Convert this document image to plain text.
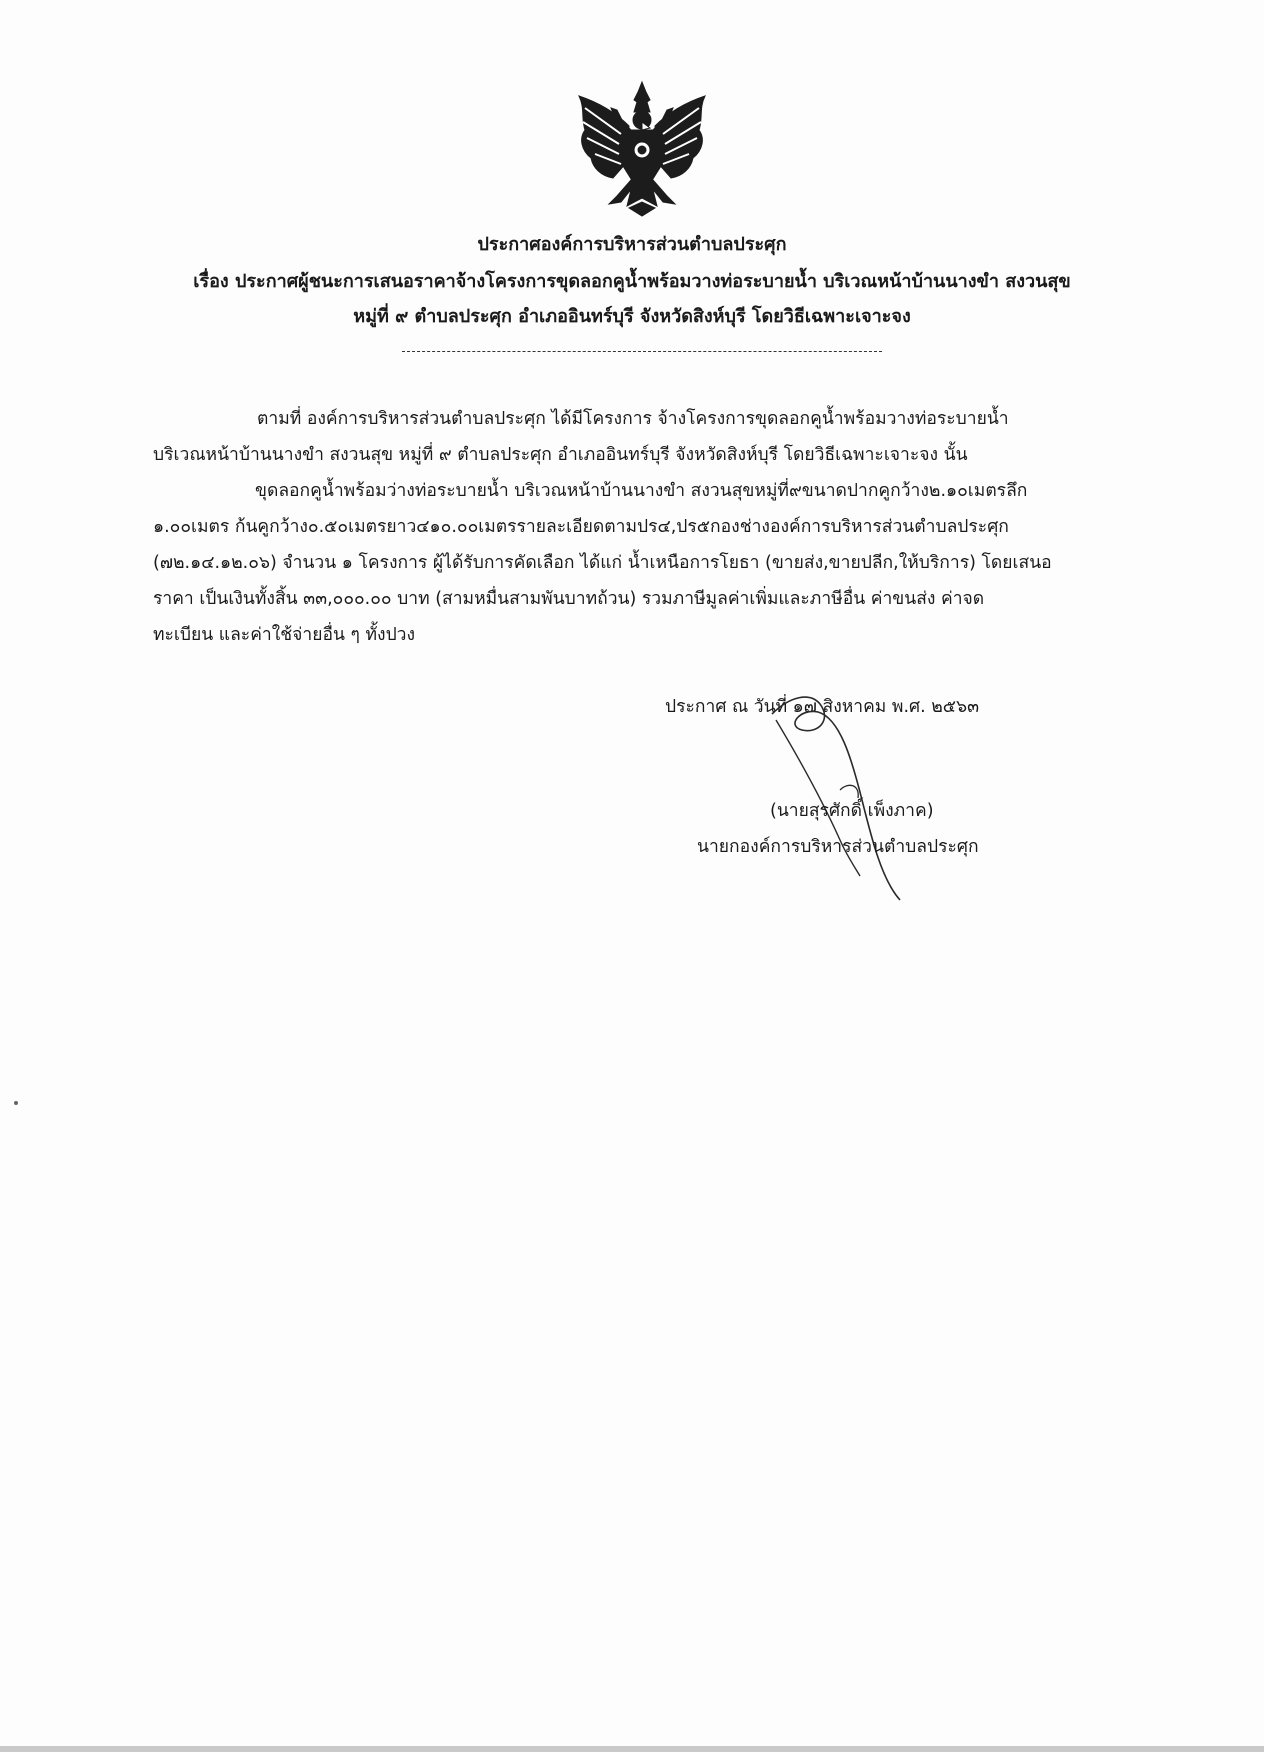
ประกาศองค์การบริหารส่วนตำบลประศุก
เรื่อง ประกาศผู้ชนะการเสนอราคาจ้างโครงการขุดลอกคูน้ำพร้อมวางท่อระบายน้ำ บริเวณหน้าบ้านนางขำ สงวนสุข
หมู่ที่ ๙ ตำบลประศุก อำเภออินทร์บุรี จังหวัดสิงห์บุรี โดยวิธีเฉพาะเจาะจง
ตามที่ องค์การบริหารส่วนตำบลประศุก ได้มีโครงการ จ้างโครงการขุดลอกคูน้ำพร้อมวางท่อระบายน้ำ
บริเวณหน้าบ้านนางขำ สงวนสุข หมู่ที่ ๙ ตำบลประศุก อำเภออินทร์บุรี จังหวัดสิงห์บุรี โดยวิธีเฉพาะเจาะจง นั้น
ขุดลอกคูน้ำพร้อมว่างท่อระบายน้ำ บริเวณหน้าบ้านนางขำ สงวนสุขหมู่ที่๙ขนาดปากคูกว้าง๒.๑๐เมตรลึก
๑.๐๐เมตร ก้นคูกว้าง๐.๕๐เมตรยาว๔๑๐.๐๐เมตรรายละเอียดตามปร๔,ปร๕กองช่างองค์การบริหารส่วนตำบลประศุก
(๗๒.๑๔.๑๒.๐๖) จำนวน ๑ โครงการ ผู้ได้รับการคัดเลือก ได้แก่ น้ำเหนือการโยธา (ขายส่ง,ขายปลีก,ให้บริการ) โดยเสนอ
ราคา เป็นเงินทั้งสิ้น ๓๓,๐๐๐.๐๐ บาท (สามหมื่นสามพันบาทถ้วน) รวมภาษีมูลค่าเพิ่มและภาษีอื่น ค่าขนส่ง ค่าจด
ทะเบียน และค่าใช้จ่ายอื่น ๆ ทั้งปวง
ประกาศ ณ วันที่ ๑๗ สิงหาคม พ.ศ. ๒๕๖๓
(นายสุรศักดิ์ เพ็งภาค)
นายกองค์การบริหารส่วนตำบลประศุก
